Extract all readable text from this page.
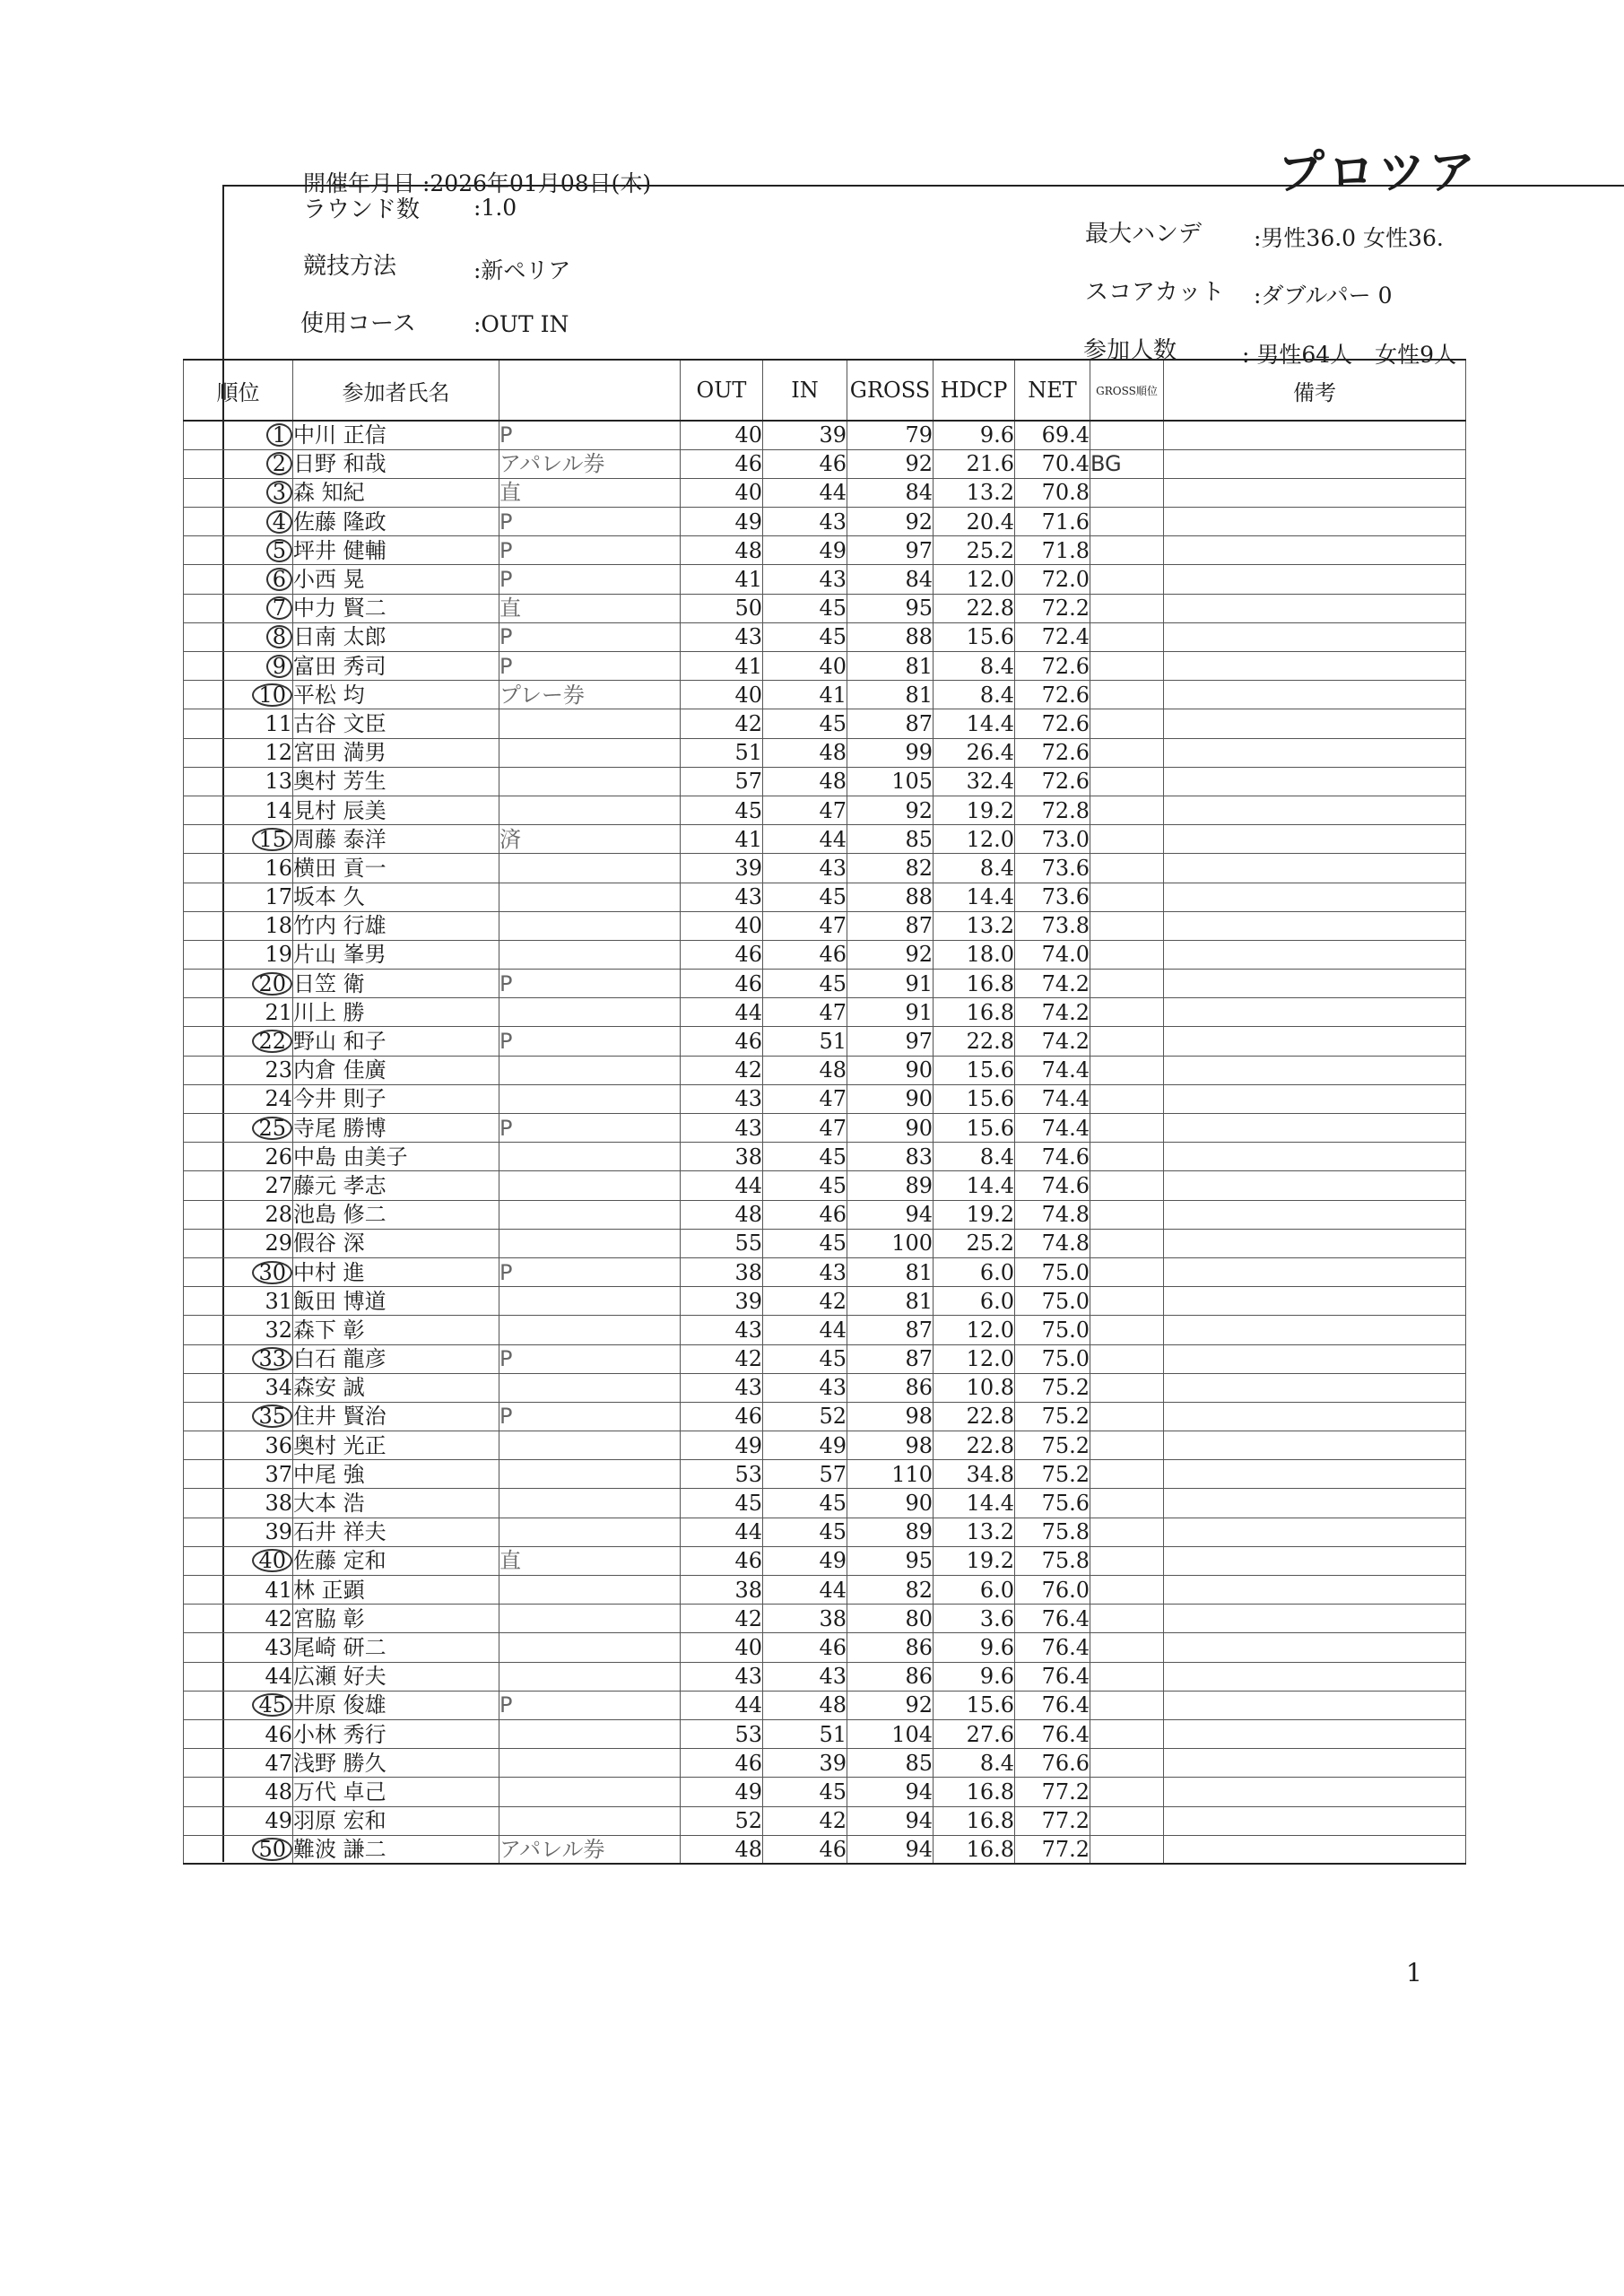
プロツア
開催年月日 :2026年01月08日(木)
ラウンド数 :1.0
競技方法	:新ペリア
使用コース	:OUT IN
最大ハンデ :男性36.0 女性36.
スコアカット :ダブルパー 0
参加人数	: 男性64人　女性9人
順位	参加者氏名		OUT	IN	GROSS	HDCP	NET	GROSS順位	備考
1	中川 正信	P	40	39	79	9.6	69.4		
2	日野 和哉	アパレル券	46	46	92	21.6	70.4	BG	
3	森 知紀	直	40	44	84	13.2	70.8		
4	佐藤 隆政	P	49	43	92	20.4	71.6		
5	坪井 健輔	P	48	49	97	25.2	71.8		
6	小西 晃	P	41	43	84	12.0	72.0		
7	中力 賢二	直	50	45	95	22.8	72.2		
8	日南 太郎	P	43	45	88	15.6	72.4		
9	富田 秀司	P	41	40	81	8.4	72.6		
10	平松 均	プレー券	40	41	81	8.4	72.6		
11	古谷 文臣		42	45	87	14.4	72.6		
12	宮田 満男		51	48	99	26.4	72.6		
13	奥村 芳生		57	48	105	32.4	72.6		
14	見村 辰美		45	47	92	19.2	72.8		
15	周藤 泰洋	済	41	44	85	12.0	73.0		
16	横田 貢一		39	43	82	8.4	73.6		
17	坂本 久		43	45	88	14.4	73.6		
18	竹内 行雄		40	47	87	13.2	73.8		
19	片山 峯男		46	46	92	18.0	74.0		
20	日笠 衛	P	46	45	91	16.8	74.2		
21	川上 勝		44	47	91	16.8	74.2		
22	野山 和子	P	46	51	97	22.8	74.2		
23	内倉 佳廣		42	48	90	15.6	74.4		
24	今井 則子		43	47	90	15.6	74.4		
25	寺尾 勝博	P	43	47	90	15.6	74.4		
26	中島 由美子		38	45	83	8.4	74.6		
27	藤元 孝志		44	45	89	14.4	74.6		
28	池島 修二		48	46	94	19.2	74.8		
29	假谷 深		55	45	100	25.2	74.8		
30	中村 進	P	38	43	81	6.0	75.0		
31	飯田 博道		39	42	81	6.0	75.0		
32	森下 彰		43	44	87	12.0	75.0		
33	白石 龍彦	P	42	45	87	12.0	75.0		
34	森安 誠		43	43	86	10.8	75.2		
35	住井 賢治	P	46	52	98	22.8	75.2		
36	奥村 光正		49	49	98	22.8	75.2		
37	中尾 強		53	57	110	34.8	75.2		
38	大本 浩		45	45	90	14.4	75.6		
39	石井 祥夫		44	45	89	13.2	75.8		
40	佐藤 定和	直	46	49	95	19.2	75.8		
41	林 正顕		38	44	82	6.0	76.0		
42	宮脇 彰		42	38	80	3.6	76.4		
43	尾崎 研二		40	46	86	9.6	76.4		
44	広瀬 好夫		43	43	86	9.6	76.4		
45	井原 俊雄	P	44	48	92	15.6	76.4		
46	小林 秀行		53	51	104	27.6	76.4		
47	浅野 勝久		46	39	85	8.4	76.6		
48	万代 卓己		49	45	94	16.8	77.2		
49	羽原 宏和		52	42	94	16.8	77.2		
50	難波 謙二	アパレル券	48	46	94	16.8	77.2		
1
